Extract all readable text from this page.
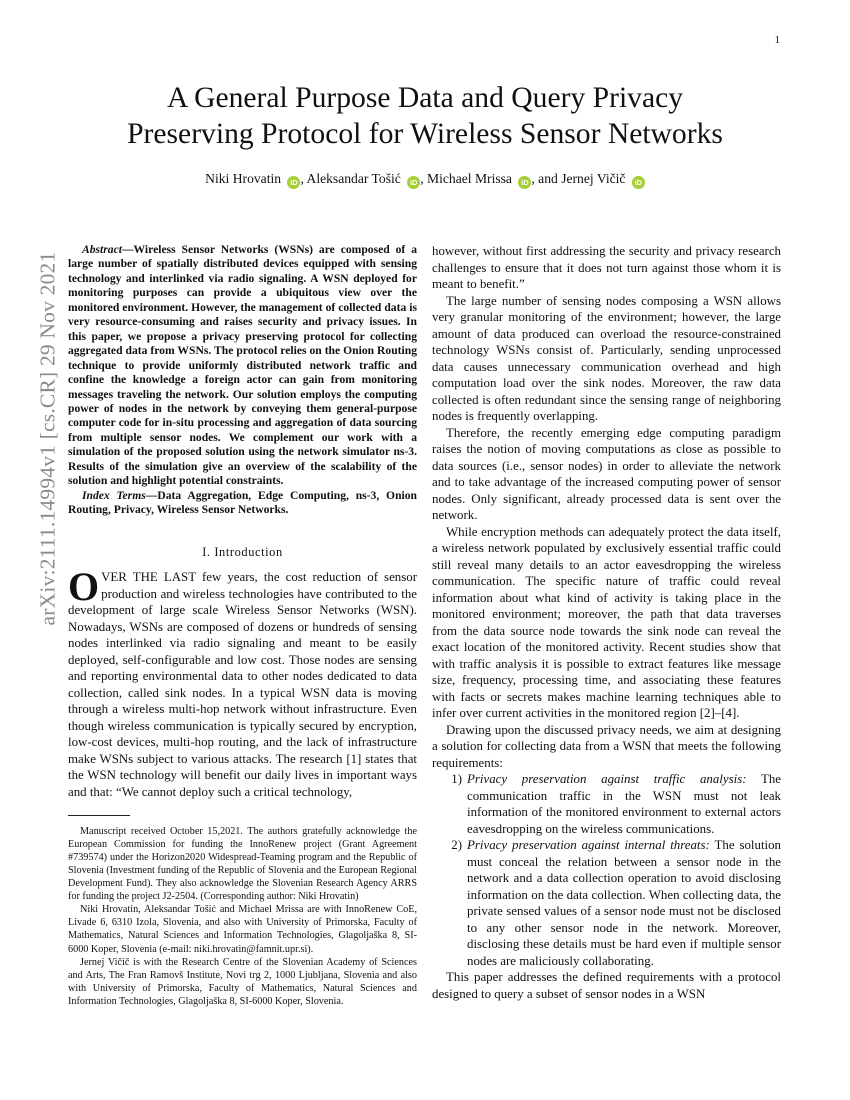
1
arXiv:2111.14994v1 [cs.CR] 29 Nov 2021
A General Purpose Data and Query Privacy
Preserving Protocol for Wireless Sensor Networks
Niki Hrovatin iD , Aleksandar Tošić iD , Michael Mrissa iD , and Jernej Vičič iD

Abstract—Wireless Sensor Networks (WSNs) are composed of a large number of spatially distributed devices equipped with sensing technology and interlinked via radio signaling. A WSN deployed for monitoring purposes can provide a ubiquitous view over the monitored environment. However, the management of collected data is very resource-consuming and raises security and privacy issues. In this paper, we propose a privacy preserving protocol for collecting aggregated data from WSNs. The protocol relies on the Onion Routing technique to provide uniformly distributed network traffic and confine the knowledge a foreign actor can gain from monitoring messages traveling the network. Our solution employs the computing power of nodes in the network by conveying them general-purpose computer code for in-situ processing and aggregation of data sourcing from multiple sensor nodes. We complement our work with a simulation of the proposed solution using the network simulator ns-3. Results of the simulation give an overview of the scalability of the solution and highlight potential constraints.

Index Terms—Data Aggregation, Edge Computing, ns-3, Onion Routing, Privacy, Wireless Sensor Networks.

I. Introduction

OVER THE LAST few years, the cost reduction of sensor production and wireless technologies have contributed to the development of large scale Wireless Sensor Networks (WSN). Nowadays, WSNs are composed of dozens or hundreds of sensing nodes interlinked via radio signaling and meant to be easily deployed, self-configurable and low cost. Those nodes are sensing and reporting environmental data to other nodes dedicated to data collection, called sink nodes. In a typical WSN data is moving through a wireless multi-hop network without infrastructure. Even though wireless communication is typically secured by encryption, low-cost devices, multi-hop routing, and the lack of infrastructure make WSNs subject to various attacks. The research [1] states that the WSN technology will benefit our daily lives in important ways and that: “We cannot deploy such a critical technology,

Manuscript received October 15,2021. The authors gratefully acknowledge the European Commission for funding the InnoRenew project (Grant Agreement #739574) under the Horizon2020 Widespread-Teaming program and the Republic of Slovenia (Investment funding of the Republic of Slovenia and the European Regional Development Fund). They also acknowledge the Slovenian Research Agency ARRS for funding the project J2-2504. (Corresponding author: Niki Hrovatin)

Niki Hrovatin, Aleksandar Tošić and Michael Mrissa are with InnoRenew CoE, Livade 6, 6310 Izola, Slovenia, and also with University of Primorska, Faculty of Mathematics, Natural Sciences and Information Technologies, Glagoljaška 8, SI-6000 Koper, Slovenia (e-mail: niki.hrovatin@famnit.upr.si).

Jernej Vičič is with the Research Centre of the Slovenian Academy of Sciences and Arts, The Fran Ramovš Institute, Novi trg 2, 1000 Ljubljana, Slovenia and also with University of Primorska, Faculty of Mathematics, Natural Sciences and Information Technologies, Glagoljaška 8, SI-6000 Koper, Slovenia.

however, without first addressing the security and privacy research challenges to ensure that it does not turn against those whom it is meant to benefit.”

The large number of sensing nodes composing a WSN allows very granular monitoring of the environment; however, the large amount of data produced can overload the resource-constrained technology WSNs consist of. Particularly, sending unprocessed data causes unnecessary communication overhead and high computation load over the sink nodes. Moreover, the raw data collected is often redundant since the sensing range of neighboring nodes is frequently overlapping.

Therefore, the recently emerging edge computing paradigm raises the notion of moving computations as close as possible to data sources (i.e., sensor nodes) in order to alleviate the network and to take advantage of the increased computing power of sensor nodes. Only significant, already processed data is sent over the network.

While encryption methods can adequately protect the data itself, a wireless network populated by exclusively essential traffic could still reveal many details to an actor eavesdropping the wireless communication. The specific nature of traffic could reveal information about what kind of activity is taking place in the monitored environment; moreover, the path that data traverses from the data source node towards the sink node can reveal the exact location of the monitored activity. Recent studies show that with traffic analysis it is possible to extract features like message size, frequency, processing time, and associating these features with facts or secrets makes machine learning techniques able to infer over current activities in the monitored region [2]–[4].

Drawing upon the discussed privacy needs, we aim at designing a solution for collecting data from a WSN that meets the following requirements:

1) Privacy preservation against traffic analysis: The communication traffic in the WSN must not leak information of the monitored environment to external actors eavesdropping on the wireless communications.
2) Privacy preservation against internal threats: The solution must conceal the relation between a sensor node in the network and a data collection operation to avoid disclosing information on the data collection. When collecting data, the private sensed values of a sensor node must not be disclosed to any other sensor node in the network. Moreover, disclosing these details must be hard even if multiple sensor nodes are maliciously collaborating.

This paper addresses the defined requirements with a protocol designed to query a subset of sensor nodes in a WSN
